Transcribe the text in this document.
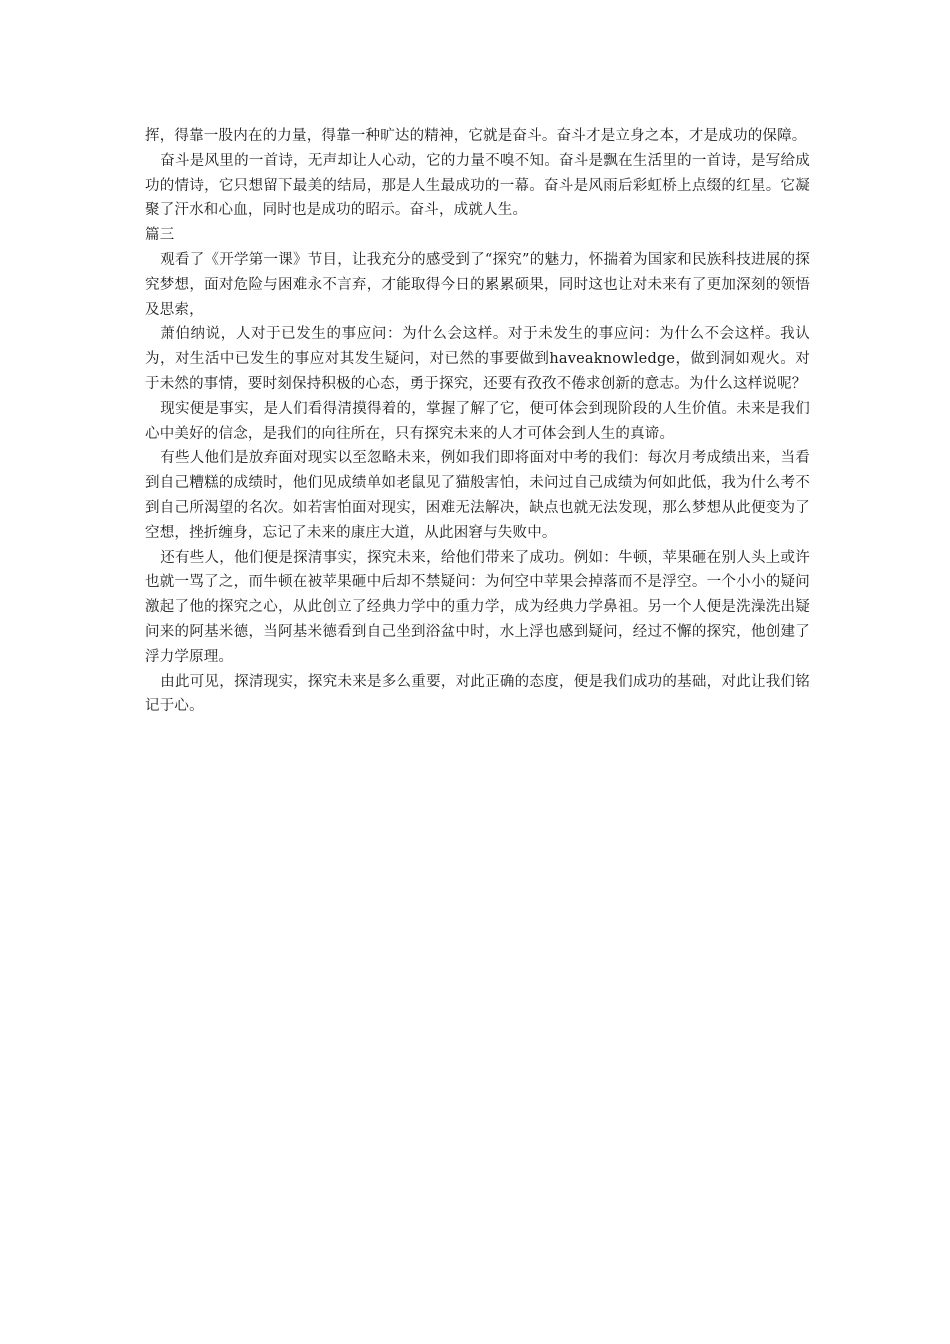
挥，得靠一股内在的力量，得靠一种旷达的精神，它就是奋斗。奋斗才是立身之本，才是成功的保障。

奋斗是风里的一首诗，无声却让人心动，它的力量不嗅不知。奋斗是飘在生活里的一首诗，是写给成功的情诗，它只想留下最美的结局，那是人生最成功的一幕。奋斗是风雨后彩虹桥上点缀的红星。它凝聚了汗水和心血，同时也是成功的昭示。奋斗，成就人生。

篇三

观看了《开学第一课》节目，让我充分的感受到了“探究”的魅力，怀揣着为国家和民族科技进展的探究梦想，面对危险与困难永不言弃，才能取得今日的累累硕果，同时这也让对未来有了更加深刻的领悟及思索，

萧伯纳说，人对于已发生的事应问：为什么会这样。对于未发生的事应问：为什么不会这样。我认为，对生活中已发生的事应对其发生疑问，对已然的事要做到haveaknowledge，做到洞如观火。对于未然的事情，要时刻保持积极的心态，勇于探究，还要有孜孜不倦求创新的意志。为什么这样说呢？

现实便是事实，是人们看得清摸得着的，掌握了解了它，便可体会到现阶段的人生价值。未来是我们心中美好的信念，是我们的向往所在，只有探究未来的人才可体会到人生的真谛。

有些人他们是放弃面对现实以至忽略未来，例如我们即将面对中考的我们：每次月考成绩出来，当看到自己糟糕的成绩时，他们见成绩单如老鼠见了猫般害怕，未问过自己成绩为何如此低，我为什么考不到自己所渴望的名次。如若害怕面对现实，困难无法解决，缺点也就无法发现，那么梦想从此便变为了空想，挫折缠身，忘记了未来的康庄大道，从此困窘与失败中。

还有些人，他们便是探清事实，探究未来，给他们带来了成功。例如：牛顿，苹果砸在别人头上或许也就一骂了之，而牛顿在被苹果砸中后却不禁疑问：为何空中苹果会掉落而不是浮空。一个小小的疑问激起了他的探究之心，从此创立了经典力学中的重力学，成为经典力学鼻祖。另一个人便是洗澡洗出疑问来的阿基米德，当阿基米德看到自己坐到浴盆中时，水上浮也感到疑问，经过不懈的探究，他创建了浮力学原理。

由此可见，探清现实，探究未来是多么重要，对此正确的态度，便是我们成功的基础，对此让我们铭记于心。
